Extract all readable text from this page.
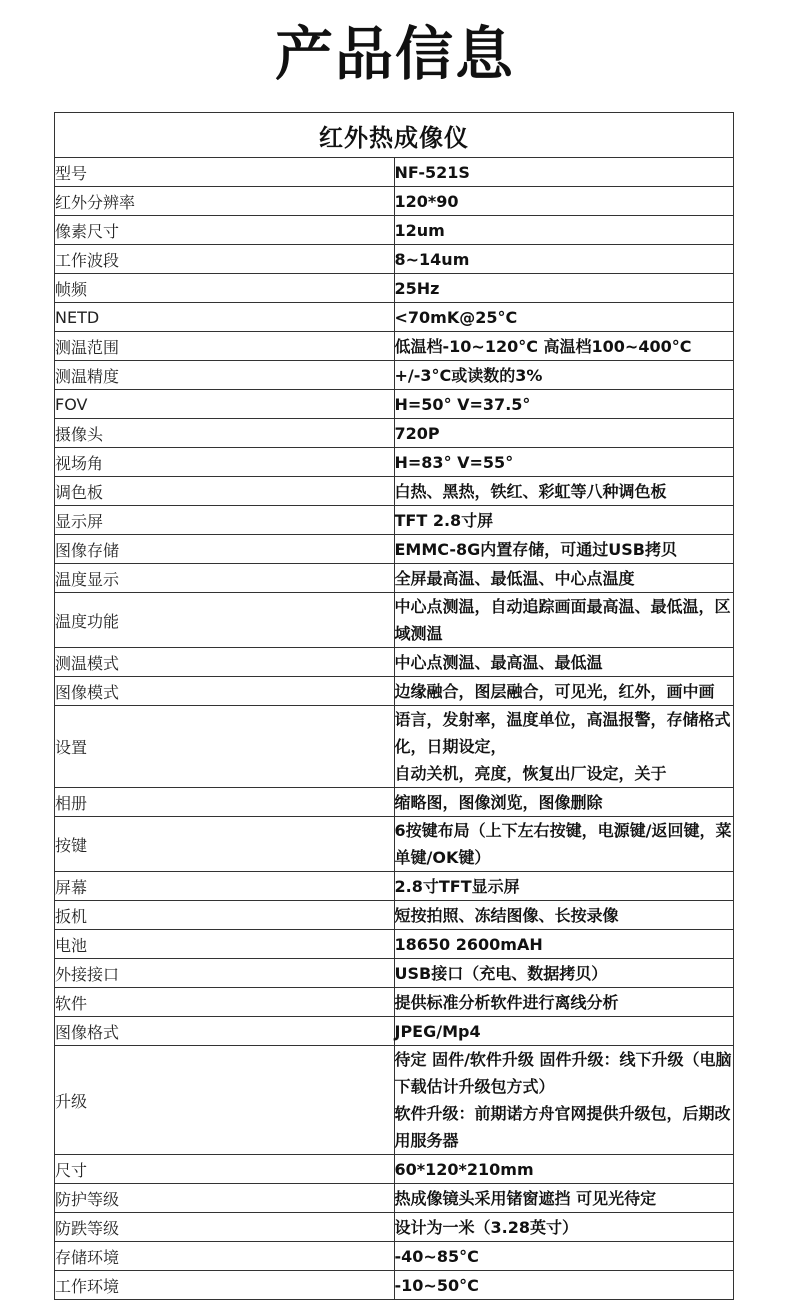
产品信息
红外热成像仪	
型号	NF-521S

红外分辨率	120*90

像素尺寸	12um

工作波段	8~14um

帧频	25Hz

NETD	<70mK@25°C

测温范围	低温档-10~120°C 高温档100~400°C

测温精度	+/-3°C或读数的3%

FOV	H=50° V=37.5°

摄像头	720P

视场角	H=83° V=55°

调色板	白热、黑热，铁红、彩虹等八种调色板

显示屏	TFT 2.8寸屏

图像存储	EMMC-8G内置存储，可通过USB拷贝

温度显示	全屏最高温、最低温、中心点温度

温度功能	中心点测温，自动追踪画面最高温、最低温，区域测温

测温模式	中心点测温、最高温、最低温

图像模式	边缘融合，图层融合，可见光，红外，画中画

设置	语言，发射率，温度单位，高温报警，存储格式化，日期设定，
自动关机，亮度，恢复出厂设定，关于

相册	缩略图，图像浏览，图像删除

按键	6按键布局（上下左右按键，电源键/返回键，菜单键/OK键）

屏幕	2.8寸TFT显示屏

扳机	短按拍照、冻结图像、长按录像

电池	18650 2600mAH

外接接口	USB接口（充电、数据拷贝）

软件	提供标准分析软件进行离线分析

图像格式	JPEG/Mp4

升级	待定 固件/软件升级 固件升级：线下升级（电脑下载估计升级包方式）
软件升级：前期诺方舟官网提供升级包，后期改用服务器

尺寸	60*120*210mm

防护等级	热成像镜头采用锗窗遮挡 可见光待定

防跌等级	设计为一米（3.28英寸）

存储环境	-40~85°C

工作环境	-10~50°C
